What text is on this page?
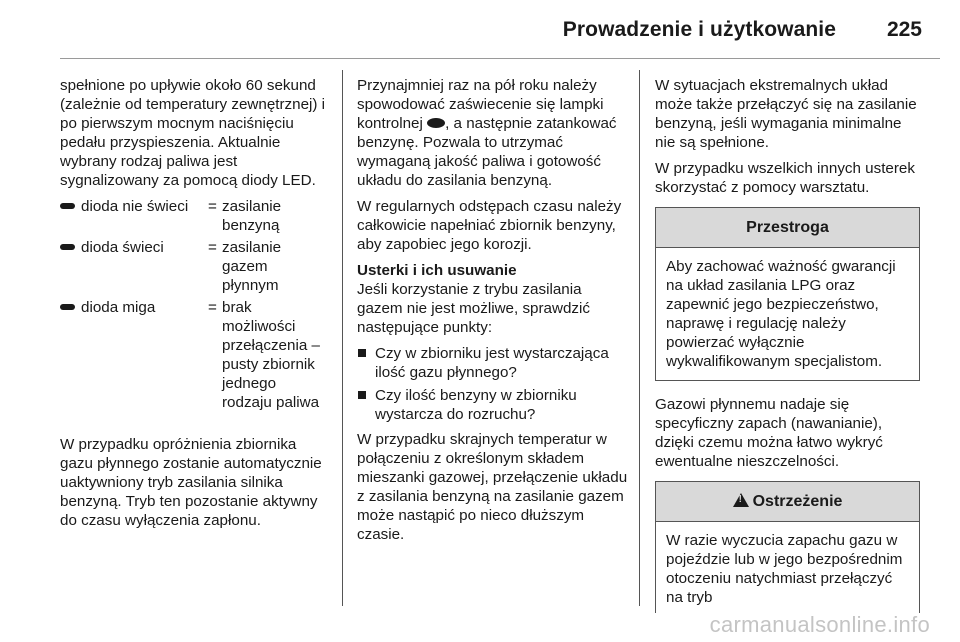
Prowadzenie i użytkowanie 225

spełnione po upływie około 60 sekund (zależnie od temperatury zewnętrznej) i po pierwszym mocnym naciśnięciu pedału przyspieszenia. Aktualnie wybrany rodzaj paliwa jest sygnalizowany za pomocą diody LED.

dioda nie świeci	=	zasilanie benzyną
dioda świeci	=	zasilanie gazem płynnym
dioda miga	=	brak możliwości przełączenia – pusty zbiornik jednego rodzaju paliwa

W przypadku opróżnienia zbiornika gazu płynnego zostanie automatycznie uaktywniony tryb zasilania silnika benzyną. Tryb ten pozostanie aktywny do czasu wyłączenia zapłonu.

Przynajmniej raz na pół roku należy spowodować zaświecenie się lampki kontrolnej , a następnie zatankować benzynę. Pozwala to utrzymać wymaganą jakość paliwa i gotowość układu do zasilania benzyną.

W regularnych odstępach czasu należy całkowicie napełniać zbiornik benzyny, aby zapobiec jego korozji.

Usterki i ich usuwanie

Jeśli korzystanie z trybu zasilania gazem nie jest możliwe, sprawdzić następujące punkty:

Czy w zbiorniku jest wystarczająca ilość gazu płynnego?
Czy ilość benzyny w zbiorniku wystarcza do rozruchu?

W przypadku skrajnych temperatur w połączeniu z określonym składem mieszanki gazowej, przełączenie układu z zasilania benzyną na zasilanie gazem może nastąpić po nieco dłuższym czasie.

W sytuacjach ekstremalnych układ może także przełączyć się na zasilanie benzyną, jeśli wymagania minimalne nie są spełnione.

W przypadku wszelkich innych usterek skorzystać z pomocy warsztatu.

Przestroga
Aby zachować ważność gwarancji na układ zasilania LPG oraz zapewnić jego bezpieczeństwo, naprawę i regulację należy powierzać wyłącznie wykwalifikowanym specjalistom.

Gazowi płynnemu nadaje się specyficzny zapach (nawanianie), dzięki czemu można łatwo wykryć ewentualne nieszczelności.

!Ostrzeżenie
W razie wyczucia zapachu gazu w pojeździe lub w jego bezpośrednim otoczeniu natychmiast przełączyć na tryb
carmanualsonline.info
